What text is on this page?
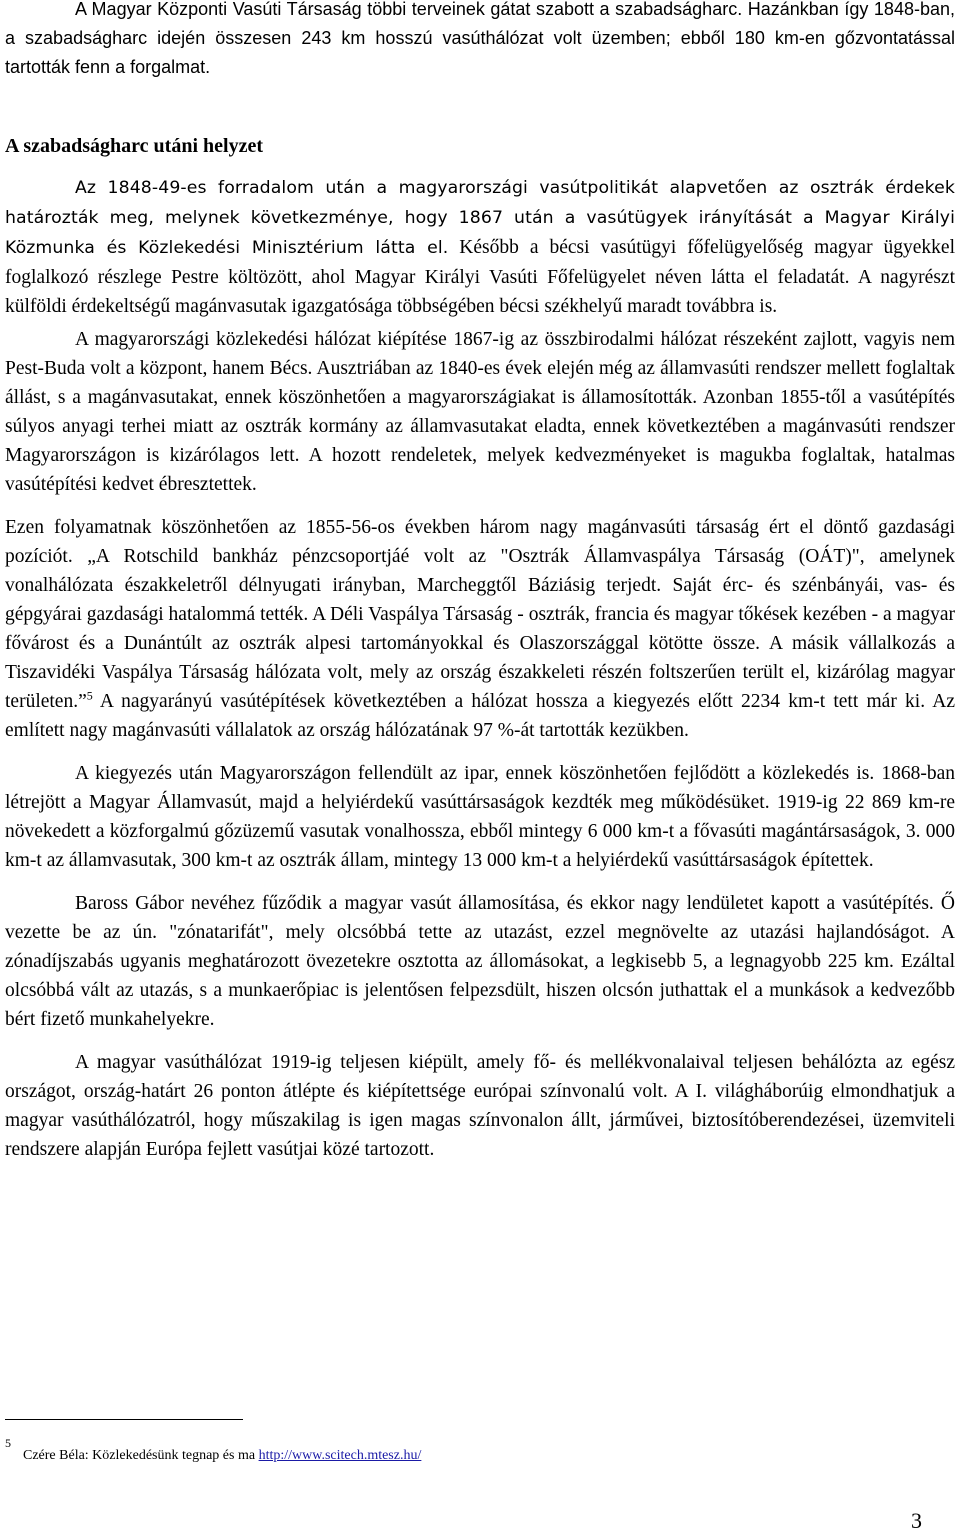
A Magyar Központi Vasúti Társaság többi terveinek gátat szabott a szabadságharc. Hazánkban így 1848-ban, a szabadságharc idején összesen 243 km hosszú vasúthálózat volt üzemben; ebből 180 km-en gőzvontatással tartották fenn a forgalmat.

A szabadságharc utáni helyzet

Az 1848-49-es forradalom után a magyarországi vasútpolitikát alapvetően az osztrák érdekek határozták meg, melynek következménye, hogy 1867 után a vasútügyek irányítását a Magyar Királyi Közmunka és Közlekedési Minisztérium látta el. Később a bécsi vasútügyi főfelügyelőség magyar ügyekkel foglalkozó részlege Pestre költözött, ahol Magyar Királyi Vasúti Főfelügyelet néven látta el feladatát. A nagyrészt külföldi érdekeltségű magánvasutak igazgatósága többségében bécsi székhelyű maradt továbbra is.

A magyarországi közlekedési hálózat kiépítése 1867-ig az összbirodalmi hálózat részeként zajlott, vagyis nem Pest-Buda volt a központ, hanem Bécs. Ausztriában az 1840-es évek elején még az államvasúti rendszer mellett foglaltak állást, s a magánvasutakat, ennek köszönhetően a magyarországiakat is államosították. Azonban 1855-től a vasútépítés súlyos anyagi terhei miatt az osztrák kormány az államvasutakat eladta, ennek következtében a magánvasúti rendszer Magyarországon is kizárólagos lett. A hozott rendeletek, melyek kedvezményeket is magukba foglaltak, hatalmas vasútépítési kedvet ébresztettek.

Ezen folyamatnak köszönhetően az 1855-56-os években három nagy magánvasúti társaság ért el döntő gazdasági pozíciót. „A Rotschild bankház pénzcsoportjáé volt az "Osztrák Államvaspálya Társaság (OÁT)", amelynek vonalhálózata északkeletről délnyugati irányban, Marcheggtől Báziásig terjedt. Saját érc- és szénbányái, vas- és gépgyárai gazdasági hatalommá tették. A Déli Vaspálya Társaság - osztrák, francia és magyar tőkések kezében - a magyar fővárost és a Dunántúlt az osztrák alpesi tartományokkal és Olaszországgal kötötte össze. A másik vállalkozás a Tiszavidéki Vaspálya Társaság hálózata volt, mely az ország északkeleti részén foltszerűen terült el, kizárólag magyar területen.”$^5$ A nagyarányú vasútépítések következtében a hálózat hossza a kiegyezés előtt 2234 km-t tett már ki. Az említett nagy magánvasúti vállalatok az ország hálózatának 97 %-át tartották kezükben.

A kiegyezés után Magyarországon fellendült az ipar, ennek köszönhetően fejlődött a közlekedés is. 1868-ban létrejött a Magyar Államvasút, majd a helyiérdekű vasúttársaságok kezdték meg működésüket. 1919-ig 22 869 km-re növekedett a közforgalmú gőzüzemű vasutak vonalhossza, ebből mintegy 6 000 km-t a fővasúti magántársaságok, 3. 000 km-t az államvasutak, 300 km-t az osztrák állam, mintegy 13 000 km-t a helyiérdekű vasúttársaságok építettek.

Baross Gábor nevéhez fűződik a magyar vasút államosítása, és ekkor nagy lendületet kapott a vasútépítés. Ő vezette be az ún. "zónatarifát", mely olcsóbbá tette az utazást, ezzel megnövelte az utazási hajlandóságot. A zónadíjszabás ugyanis meghatározott övezetekre osztotta az állomásokat, a legkisebb 5, a legnagyobb 225 km. Ezáltal olcsóbbá vált az utazás, s a munkaerőpiac is jelentősen felpezsdült, hiszen olcsón juthattak el a munkások a kedvezőbb bért fizető munkahelyekre.

A magyar vasúthálózat 1919-ig teljesen kiépült, amely fő- és mellékvonalaival teljesen behálózta az egész országot, ország-határt 26 ponton átlépte és kiépítettsége európai színvonalú volt. A I. világháborúig elmondhatjuk a magyar vasúthálózatról, hogy műszakilag is igen magas színvonalon állt, járművei, biztosítóberendezései, üzemviteli rendszere alapján Európa fejlett vasútjai közé tartozott.

5
Czére Béla: Közlekedésünk tegnap és ma http://www.scitech.mtesz.hu/
3
